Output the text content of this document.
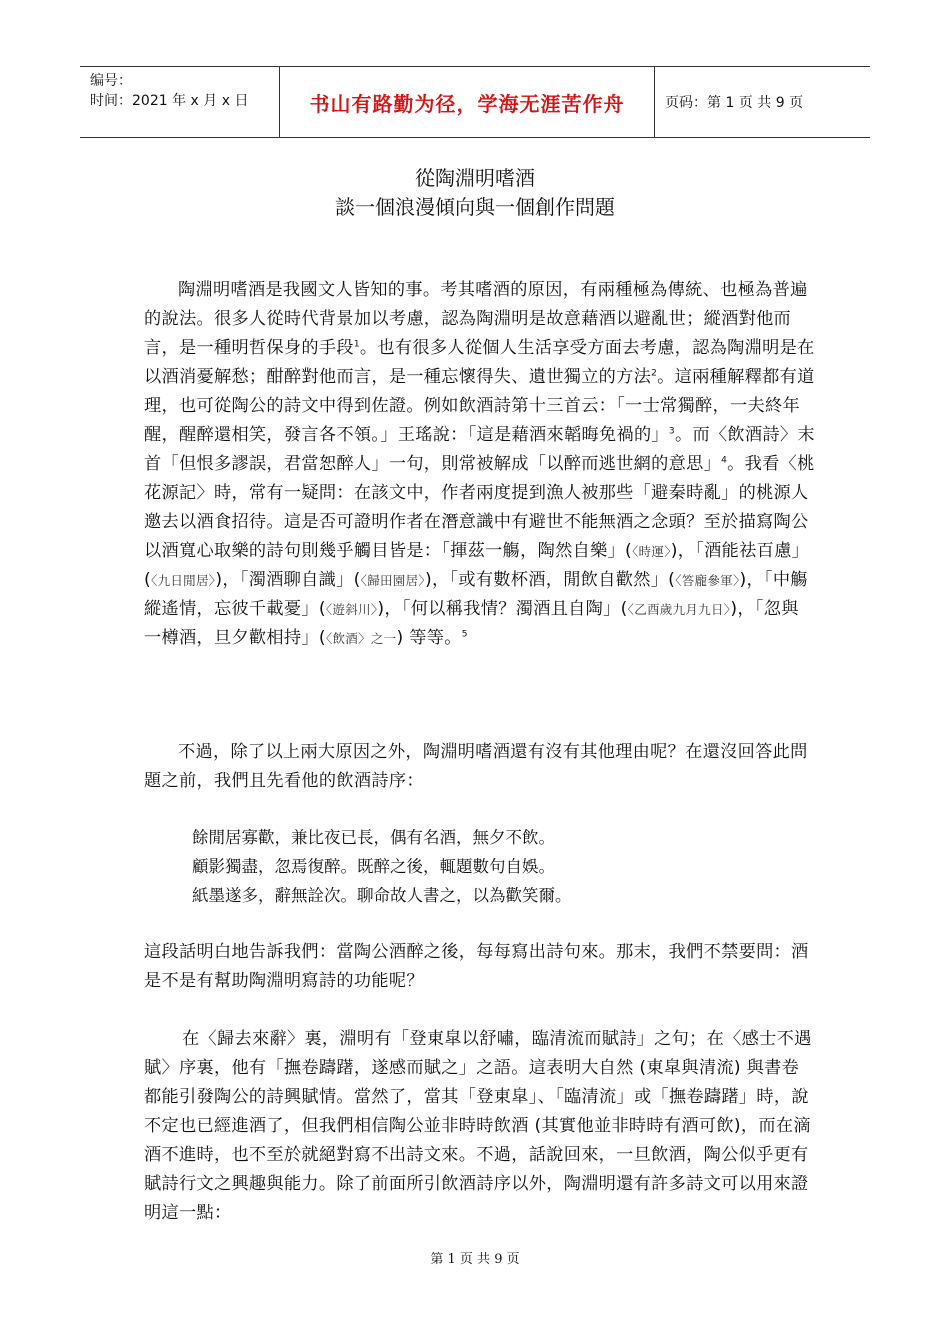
编号：
时间：2021 年 x 月 x 日	书山有路勤为径，学海无涯苦作舟	页码：第 1 页 共 9 页
從陶淵明嗜酒
談一個浪漫傾向與一個創作問題
陶淵明嗜酒是我國文人皆知的事。考其嗜酒的原因，有兩種極為傳統、也極為普遍的說法。很多人從時代背景加以考慮，認為陶淵明是故意藉酒以避亂世；縱酒對他而言，是一種明哲保身的手段$^1$。也有很多人從個人生活享受方面去考慮，認為陶淵明是在以酒消憂解愁；酣醉對他而言，是一種忘懷得失、遺世獨立的方法$^2$。這兩種解釋都有道理，也可從陶公的詩文中得到佐證。例如飲酒詩第十三首云：「一士常獨醉，一夫終年醒，醒醉還相笑，發言各不領。」王瑤說：「這是藉酒來韜晦免禍的」$^3$。而〈飲酒詩〉末首「但恨多謬誤，君當恕醉人」一句，則常被解成「以醉而逃世網的意思」$^4$。我看〈桃花源記〉時，常有一疑問：在該文中，作者兩度提到漁人被那些「避秦時亂」的桃源人邀去以酒食招待。這是否可證明作者在潛意識中有避世不能無酒之念頭？至於描寫陶公以酒寬心取樂的詩句則幾乎觸目皆是：「揮茲一觴，陶然自樂」(〈時運〉)，「酒能祛百慮」(〈九日閒居〉)，「濁酒聊自識」(〈歸田園居〉)，「或有數杯酒，閒飲自歡然」(〈答龐參軍〉)，「中觴縱遙情，忘彼千載憂」(〈遊斜川〉)，「何以稱我情？濁酒且自陶」(〈乙酉歲九月九日〉)，「忽與一樽酒，旦夕歡相持」(〈飲酒〉之一) 等等。$^5$
不過，除了以上兩大原因之外，陶淵明嗜酒還有沒有其他理由呢？在還沒回答此問題之前，我們且先看他的飲酒詩序：
餘閒居寡歡，兼比夜已長，偶有名酒，無夕不飲。
顧影獨盡，忽焉復醉。既醉之後，輒題數句自娛。
紙墨遂多，辭無詮次。聊命故人書之，以為歡笑爾。
這段話明白地告訴我們：當陶公酒醉之後，每每寫出詩句來。那末，我們不禁要問：酒是不是有幫助陶淵明寫詩的功能呢？
在〈歸去來辭〉裏，淵明有「登東皐以舒嘯，臨清流而賦詩」之句；在〈感士不遇賦〉序裏，他有「撫卷躊躇，遂感而賦之」之語。這表明大自然 (東皐與清流) 與書卷都能引發陶公的詩興賦情。當然了，當其「登東皐」、「臨清流」或「撫卷躊躇」時，說不定也已經進酒了，但我們相信陶公並非時時飲酒 (其實他並非時時有酒可飲)，而在滴酒不進時，也不至於就絕對寫不出詩文來。不過，話說回來，一旦飲酒，陶公似乎更有賦詩行文之興趣與能力。除了前面所引飲酒詩序以外，陶淵明還有許多詩文可以用來證明這一點：
第 1 页 共 9 页
